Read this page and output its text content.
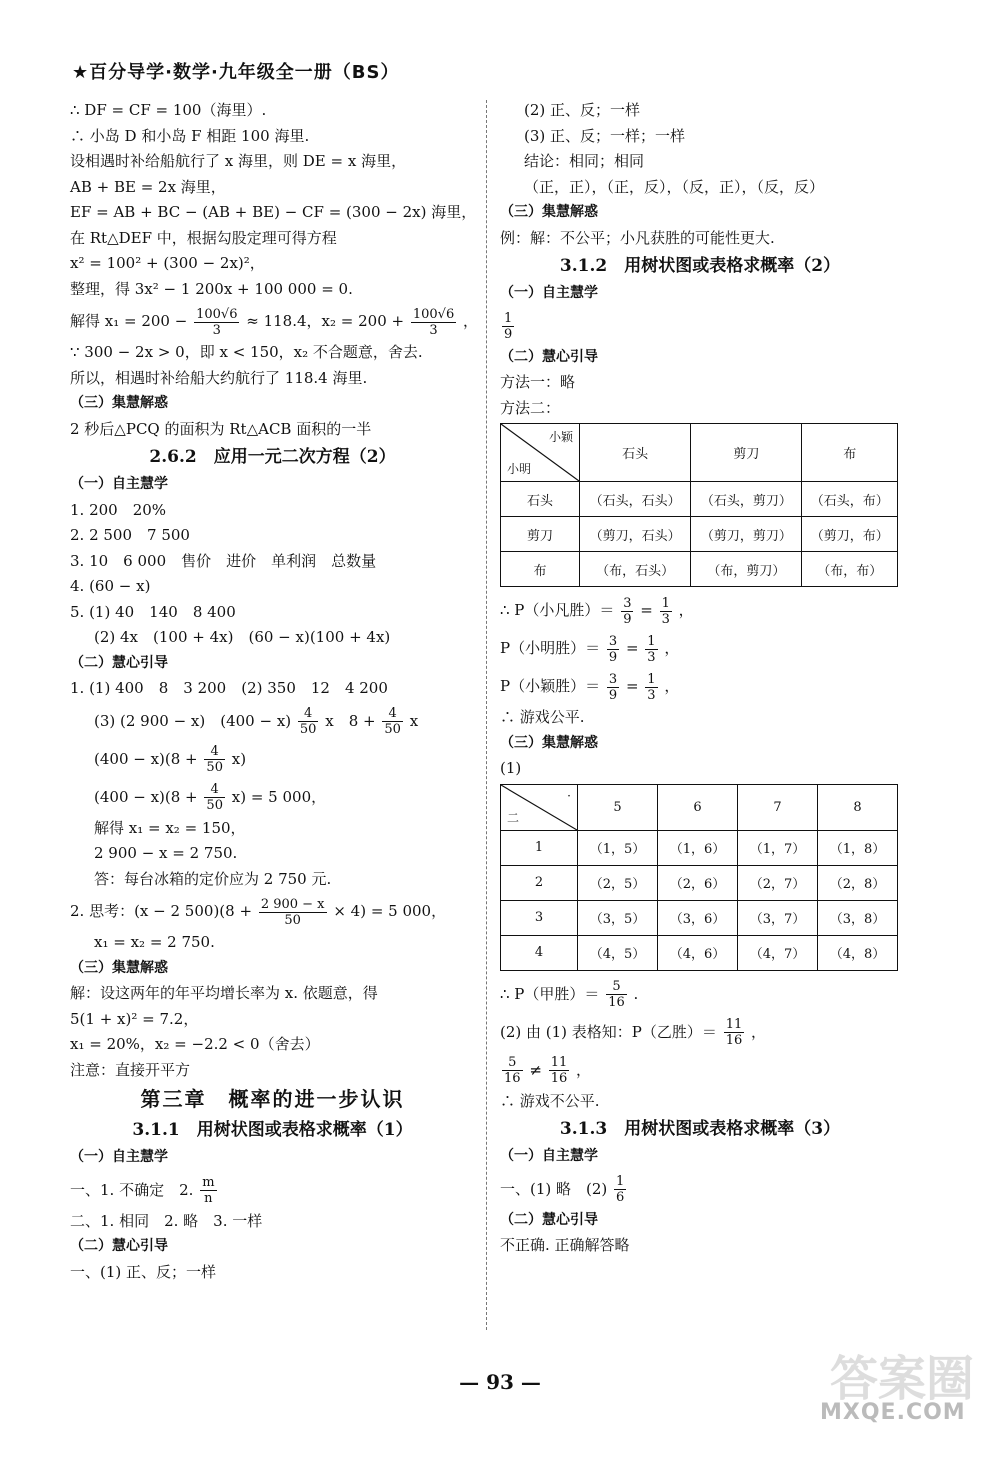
★百分导学·数学·九年级全一册（BS）
∴ DF = CF = 100（海里）.
∴ 小岛 D 和小岛 F 相距 100 海里.
设相遇时补给船航行了 x 海里，则 DE = x 海里，
AB + BE = 2x 海里，
EF = AB + BC − (AB + BE) − CF = (300 − 2x) 海里，
在 Rt△DEF 中，根据勾股定理可得方程
x² = 100² + (300 − 2x)²，
整理，得 3x² − 1 200x + 100 000 = 0.
解得 $x_1 = 200 - \frac{100√6}{3} \approx 118.4$，$x_2 = 200 + \frac{100√6}{3}$ ，
∵ 300 − 2x > 0，即 x < 150，x₂ 不合题意，舍去.
所以，相遇时补给船大约航行了 118.4 海里.
（三）集慧解惑
2 秒后△PCQ 的面积为 Rt△ACB 面积的一半
2.6.2　应用一元二次方程（2）
（一）自主慧学
1. 200　20%
2. 2 500　7 500
3. 10　6 000　售价　进价　单利润　总数量
4. (60 − x)
5. (1) 40　140　8 400
(2) 4x　(100 + 4x)　(60 − x)(100 + 4x)
（二）慧心引导
1. (1) 400　8　3 200　(2) 350　12　4 200
(3) (2 900 − x)　$(400 - x) \frac{4}{50}$ x　$8 + \frac{4}{50}$ x
$(400 - x)(8 + \frac{4}{50} x)$
$(400 - x)(8 + \frac{4}{50} x) = 5$ 000，
解得 x₁ = x₂ = 150，
2 900 − x = 2 750.
答：每台冰箱的定价应为 2 750 元.
2. 思考：(x − 2 $500)(8 + \frac{2 900 - x}{50} \times 4) = 5$ 000，
x₁ = x₂ = 2 750.
（三）集慧解惑
解：设这两年的年平均增长率为 x. 依题意，得
5(1 + x)² = 7.2，
x₁ = 20%，x₂ = −2.2 < 0（舍去）
注意：直接开平方
第三章　概率的进一步认识
3.1.1　用树状图或表格求概率（1）
（一）自主慧学
一、1. 不确定　2. $\frac{m}{n}$
二、1. 相同　2. 略　3. 一样
（二）慧心引导
一、(1) 正、反；一样
(2) 正、反；一样
(3) 正、反；一样；一样
结论：相同；相同
（正，正），（正，反），（反，正），（反，反）
（三）集慧解惑
例：解：不公平；小凡获胜的可能性更大.
3.1.2　用树状图或表格求概率（2）
（一）自主慧学
$\frac{1}{9}$
（二）慧心引导
方法一：略
方法二：
小颖
小明	石头	剪刀	布
石头	（石头，石头）	（石头，剪刀）	（石头，布）
剪刀	（剪刀，石头）	（剪刀，剪刀）	（剪刀，布）
布	（布，石头）	（布，剪刀）	（布，布）
∴ P（小凡胜）＝ $\frac{3}{9} = \frac{1}{3}$ ，
P（小明胜）＝ $\frac{3}{9} = \frac{1}{3}$ ，
P（小颖胜）＝ $\frac{3}{9} = \frac{1}{3}$ ，
∴ 游戏公平.
（三）集慧解惑
(1)
·
二	5	6	7	8
1	（1，5）	（1，6）	（1，7）	（1，8）
2	（2，5）	（2，6）	（2，7）	（2，8）
3	（3，5）	（3，6）	（3，7）	（3，8）
4	（4，5）	（4，6）	（4，7）	（4，8）
∴ P（甲胜）＝ $\frac{5}{16}$ .
(2) 由 (1) 表格知：P（乙胜）＝ $\frac{11}{16}$ ，
$\frac{5}{16} \ne \frac{11}{16}$ ，
∴ 游戏不公平.
3.1.3　用树状图或表格求概率（3）
（一）自主慧学
一、(1) 略　$(2) \frac{1}{6}$
（二）慧心引导
不正确. 正确解答略
— 93 —	答案圈
MXQE.COM
